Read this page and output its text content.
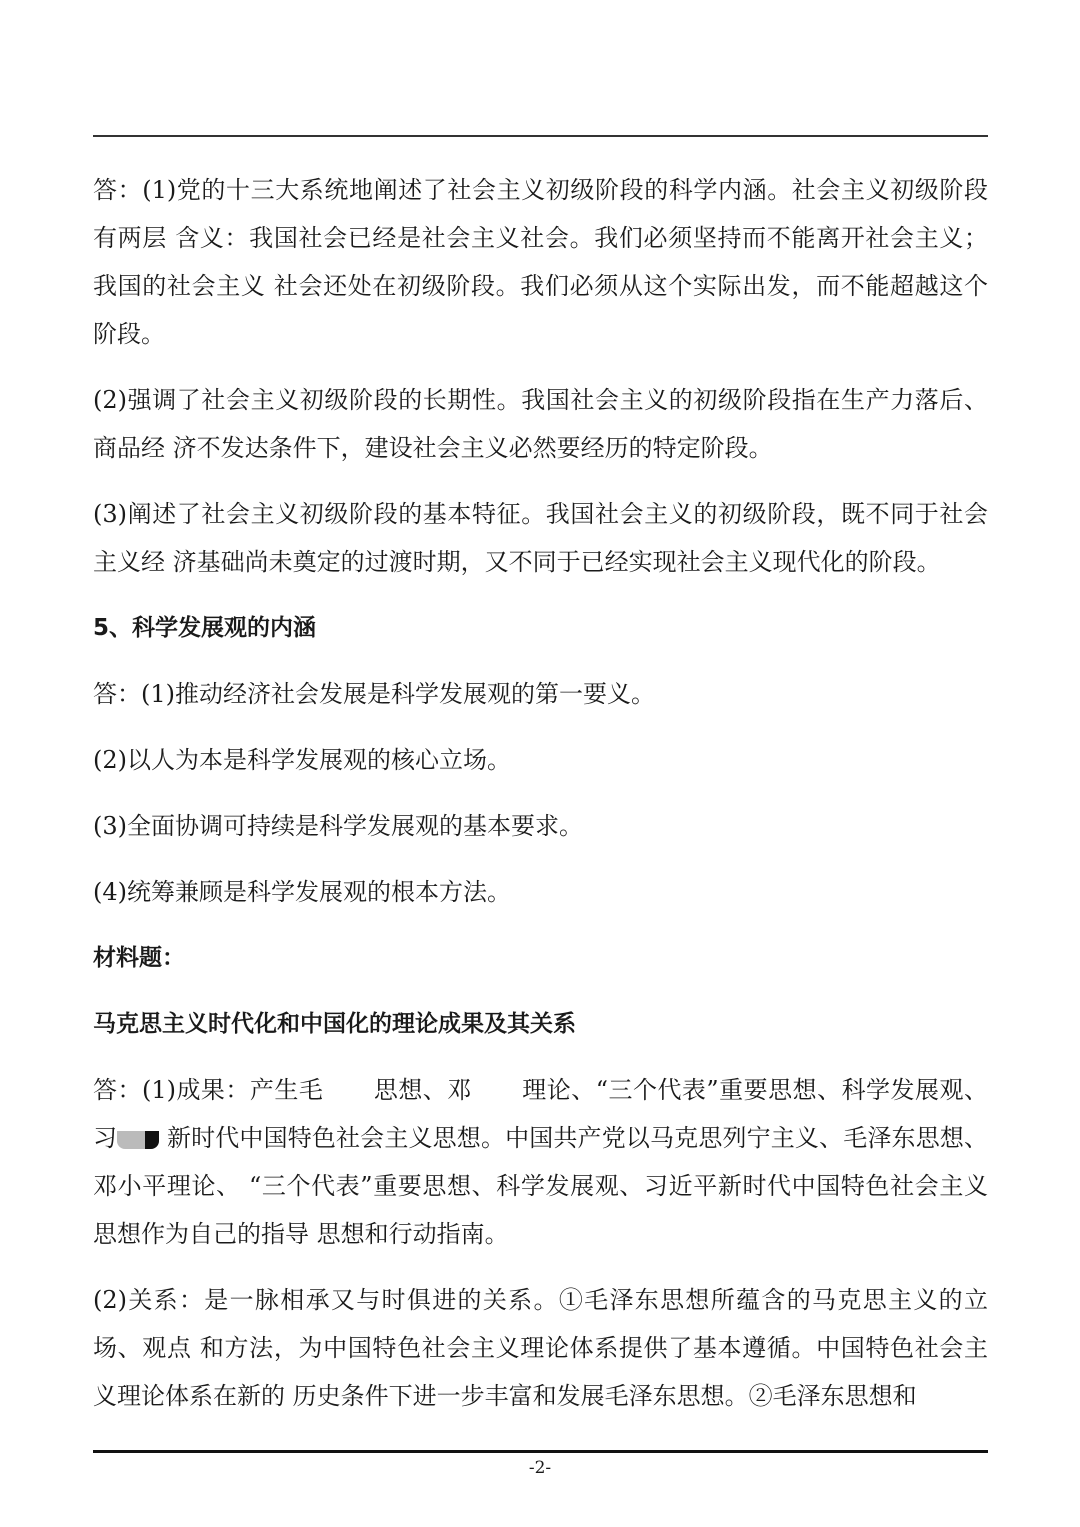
答：(1)党的十三大系统地阐述了社会主义初级阶段的科学内涵。社会主义初级阶段有两层 含义：我国社会已经是社会主义社会。我们必须坚持而不能离开社会主义；我国的社会主义 社会还处在初级阶段。我们必须从这个实际出发，而不能超越这个阶段。

(2)强调了社会主义初级阶段的长期性。我国社会主义的初级阶段指在生产力落后、商品经 济不发达条件下，建设社会主义必然要经历的特定阶段。

(3)阐述了社会主义初级阶段的基本特征。我国社会主义的初级阶段，既不同于社会主义经 济基础尚未奠定的过渡时期，又不同于已经实现社会主义现代化的阶段。

5、科学发展观的内涵

答：(1)推动经济社会发展是科学发展观的第一要义。

(2)以人为本是科学发展观的核心立场。

(3)全面协调可持续是科学发展观的基本要求。

(4)统筹兼顾是科学发展观的根本方法。

材料题：

马克思主义时代化和中国化的理论成果及其关系

答：(1)成果：产生毛 思想、邓 理论、“三个代表”重要思想、科学发展观、习 新时代中国特色社会主义思想。中国共产党以马克思列宁主义、毛泽东思想、邓小平理论、 “三个代表”重要思想、科学发展观、习近平新时代中国特色社会主义思想作为自己的指导 思想和行动指南。

(2)关系：是一脉相承又与时俱进的关系。①毛泽东思想所蕴含的马克思主义的立场、观点 和方法，为中国特色社会主义理论体系提供了基本遵循。中国特色社会主义理论体系在新的 历史条件下进一步丰富和发展毛泽东思想。②毛泽东思想和

-2-
